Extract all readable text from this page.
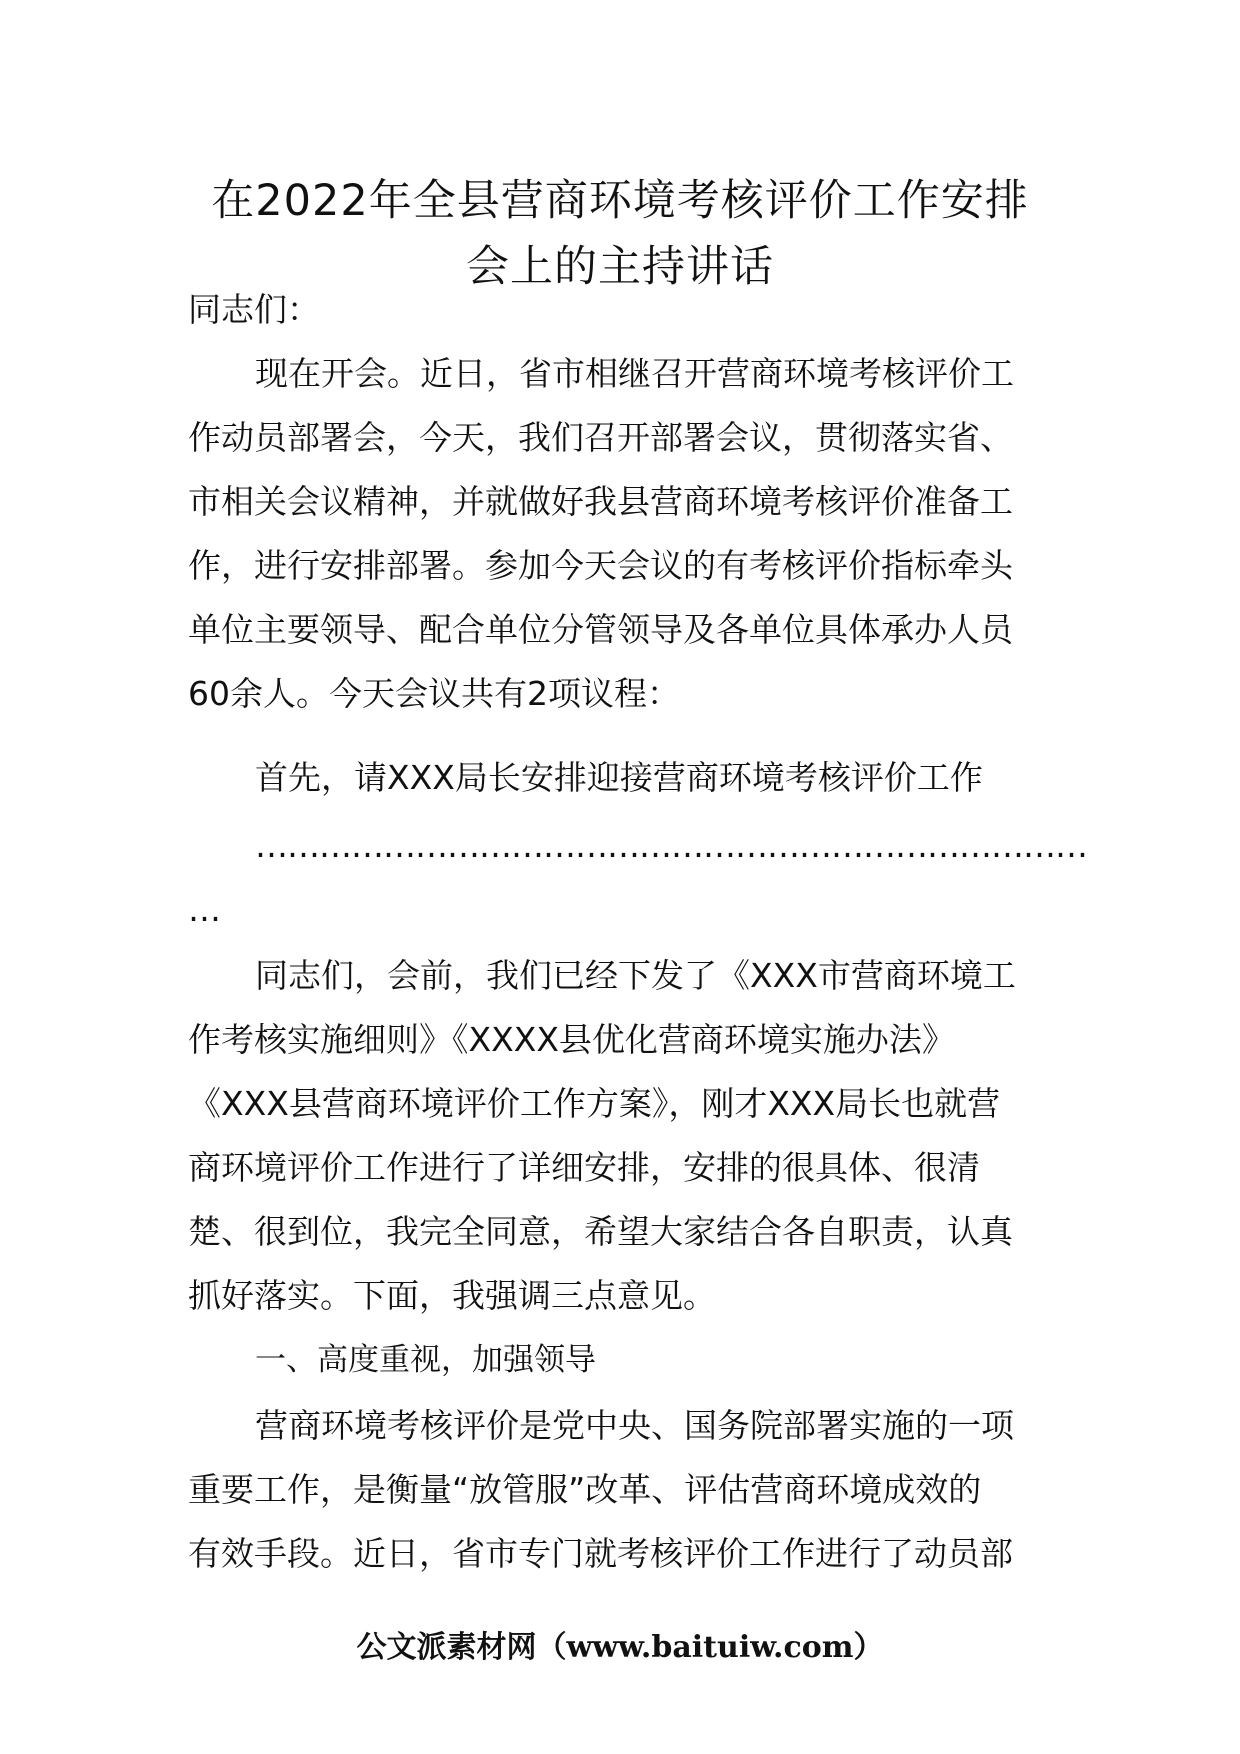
在2022年全县营商环境考核评价工作安排
会上的主持讲话
同志们：
现在开会。近日，省市相继召开营商环境考核评价工
作动员部署会，今天，我们召开部署会议，贯彻落实省、
市相关会议精神，并就做好我县营商环境考核评价准备工
作，进行安排部署。参加今天会议的有考核评价指标牵头
单位主要领导、配合单位分管领导及各单位具体承办人员
60余人。今天会议共有2项议程：
首先，请XXX局长安排迎接营商环境考核评价工作
……………………………………………………………………
…
同志们，会前，我们已经下发了《XXX市营商环境工
作考核实施细则》《XXXX县优化营商环境实施办法》
《XXX县营商环境评价工作方案》，刚才XXX局长也就营
商环境评价工作进行了详细安排，安排的很具体、很清
楚、很到位，我完全同意，希望大家结合各自职责，认真
抓好落实。下面，我强调三点意见。
一、高度重视，加强领导
营商环境考核评价是党中央、国务院部署实施的一项
重要工作，是衡量“放管服”改革、评估营商环境成效的
有效手段。近日，省市专门就考核评价工作进行了动员部
公文派素材网（www.baituiw.com）
